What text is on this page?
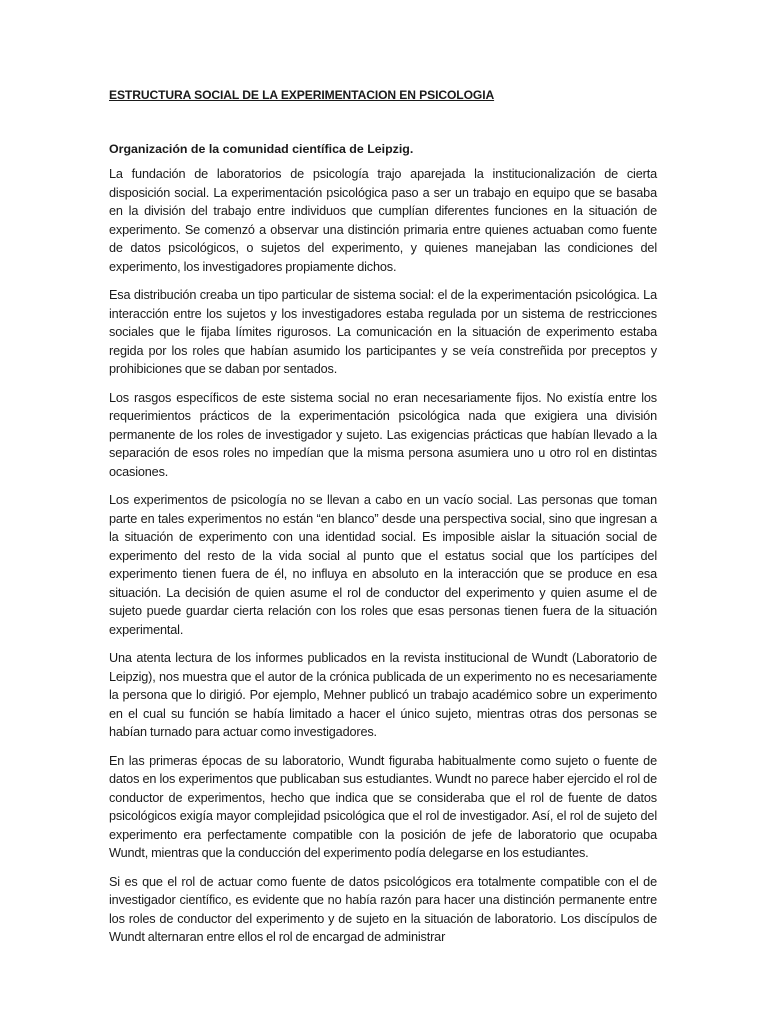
ESTRUCTURA SOCIAL DE LA EXPERIMENTACION EN PSICOLOGIA
Organización de la comunidad científica de Leipzig.

La fundación de laboratorios de psicología trajo aparejada la institucionalización de cierta disposición social. La experimentación psicológica paso a ser un trabajo en equipo que se basaba en la división del trabajo entre individuos que cumplían diferentes funciones en la situación de experimento. Se comenzó a observar una distinción primaria entre quienes actuaban como fuente de datos psicológicos, o sujetos del experimento, y quienes manejaban las condiciones del experimento, los investigadores propiamente dichos.

Esa distribución creaba un tipo particular de sistema social: el de la experimentación psicológica. La interacción entre los sujetos y los investigadores estaba regulada por un sistema de restricciones sociales que le fijaba límites rigurosos. La comunicación en la situación de experimento estaba regida por los roles que habían asumido los participantes y se veía constreñida por preceptos y prohibiciones que se daban por sentados.

Los rasgos específicos de este sistema social no eran necesariamente fijos. No existía entre los requerimientos prácticos de la experimentación psicológica nada que exigiera una división permanente de los roles de investigador y sujeto. Las exigencias prácticas que habían llevado a la separación de esos roles no impedían que la misma persona asumiera uno u otro rol en distintas ocasiones.

Los experimentos de psicología no se llevan a cabo en un vacío social. Las personas que toman parte en tales experimentos no están “en blanco” desde una perspectiva social, sino que ingresan a la situación de experimento con una identidad social. Es imposible aislar la situación social de experimento del resto de la vida social al punto que el estatus social que los partícipes del experimento tienen fuera de él, no influya en absoluto en la interacción que se produce en esa situación. La decisión de quien asume el rol de conductor del experimento y quien asume el de sujeto puede guardar cierta relación con los roles que esas personas tienen fuera de la situación experimental.

Una atenta lectura de los informes publicados en la revista institucional de Wundt (Laboratorio de Leipzig), nos muestra que el autor de la crónica publicada de un experimento no es necesariamente la persona que lo dirigió. Por ejemplo, Mehner publicó un trabajo académico sobre un experimento en el cual su función se había limitado a hacer el único sujeto, mientras otras dos personas se habían turnado para actuar como investigadores.

En las primeras épocas de su laboratorio, Wundt figuraba habitualmente como sujeto o fuente de datos en los experimentos que publicaban sus estudiantes. Wundt no parece haber ejercido el rol de conductor de experimentos, hecho que indica que se consideraba que el rol de fuente de datos psicológicos exigía mayor complejidad psicológica que el rol de investigador. Así, el rol de sujeto del experimento era perfectamente compatible con la posición de jefe de laboratorio que ocupaba Wundt, mientras que la conducción del experimento podía delegarse en los estudiantes.

Si es que el rol de actuar como fuente de datos psicológicos era totalmente compatible con el de investigador científico, es evidente que no había razón para hacer una distinción permanente entre los roles de conductor del experimento y de sujeto en la situación de laboratorio. Los discípulos de Wundt alternaran entre ellos el rol de encargad de administrar
